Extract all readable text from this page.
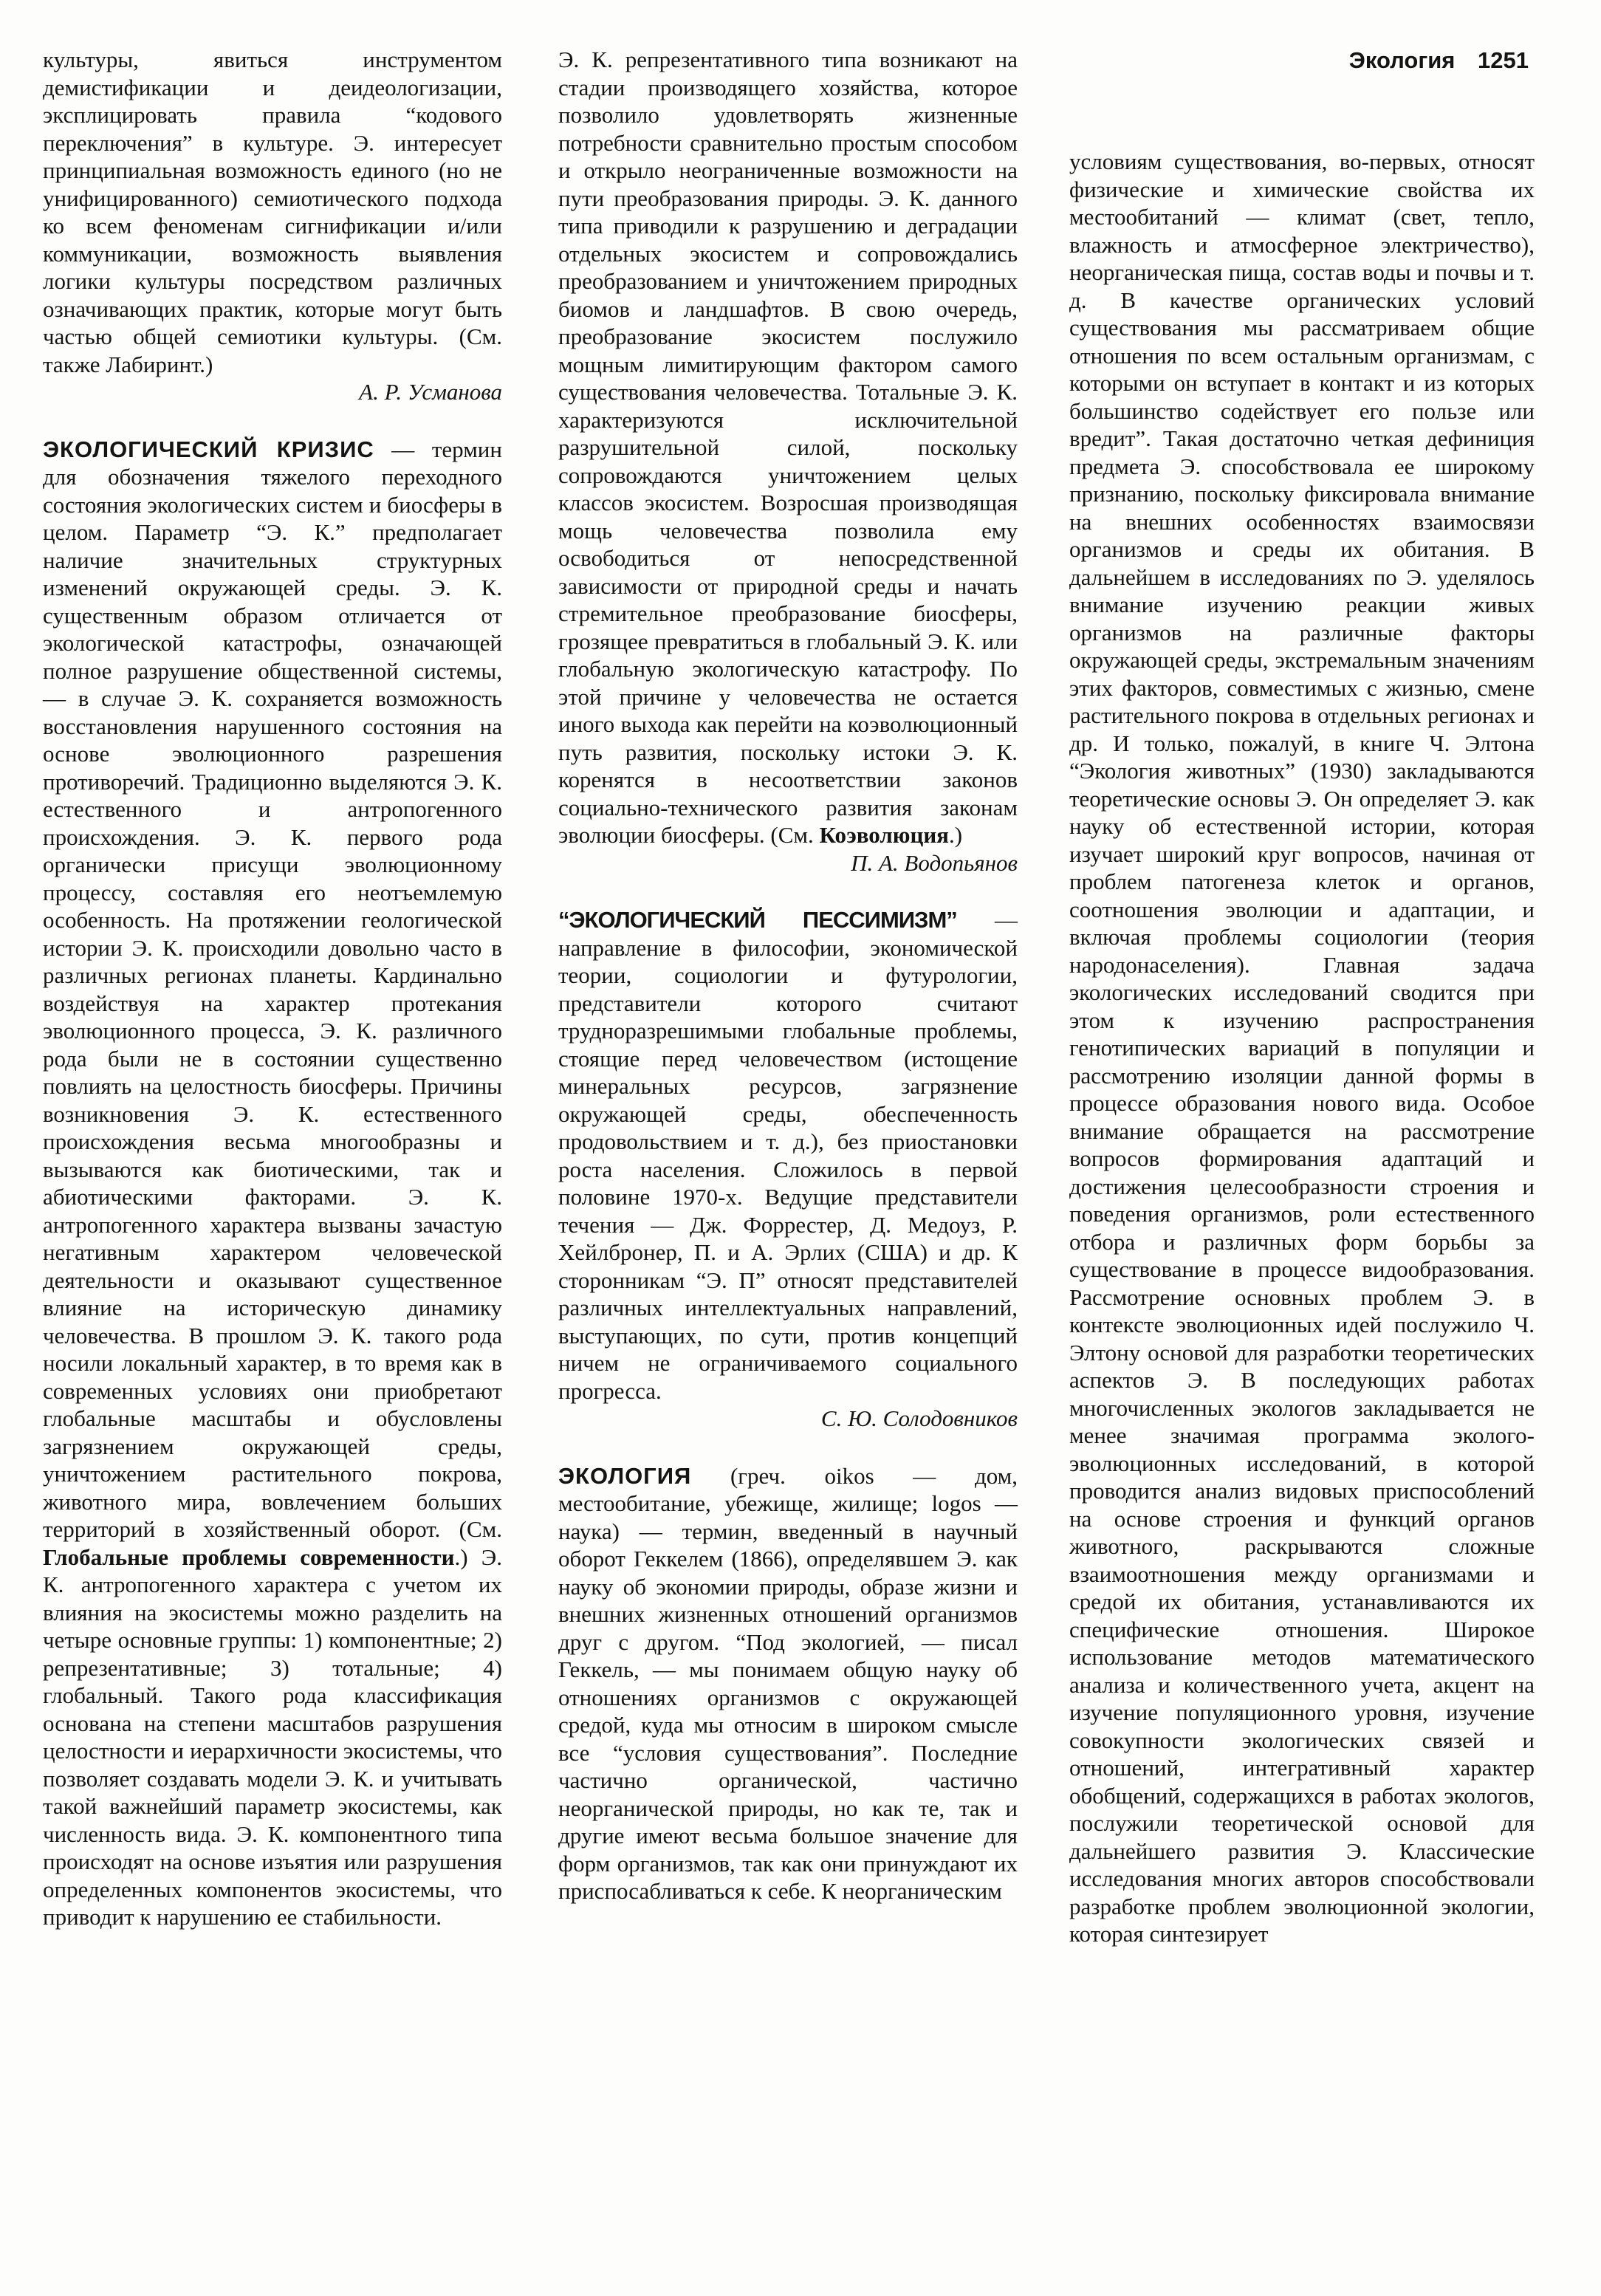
Экология 1251

культуры, явиться инструментом демистификации и деидеологизации, эксплицировать правила “кодового переключения” в культуре. Э. интересует принципиальная возможность единого (но не унифицированного) семиотического подхода ко всем феноменам сигнификации и/или коммуникации, возможность выявления логики культуры посредством различных означивающих практик, которые могут быть частью общей семиотики культуры. (См. также Лабиринт.)

А. Р. Усманова

ЭКОЛОГИЧЕСКИЙ КРИЗИС — термин для обозначения тяжелого переходного состояния экологических систем и биосферы в целом. Параметр “Э. К.” предполагает наличие значительных структурных изменений окружающей среды. Э. К. существенным образом отличается от экологической катастрофы, означающей полное разрушение общественной системы, — в случае Э. К. сохраняется возможность восстановления нарушенного состояния на основе эволюционного разрешения противоречий. Традиционно выделяются Э. К. естественного и антропогенного происхождения. Э. К. первого рода органически присущи эволюционному процессу, составляя его неотъемлемую особенность. На протяжении геологической истории Э. К. происходили довольно часто в различных регионах планеты. Кардинально воздействуя на характер протекания эволюционного процесса, Э. К. различного рода были не в состоянии существенно повлиять на целостность биосферы. Причины возникновения Э. К. естественного происхождения весьма многообразны и вызываются как биотическими, так и абиотическими факторами. Э. К. антропогенного характера вызваны зачастую негативным характером человеческой деятельности и оказывают существенное влияние на историческую динамику человечества. В прошлом Э. К. такого рода носили локальный характер, в то время как в современных условиях они приобретают глобальные масштабы и обусловлены загрязнением окружающей среды, уничтожением растительного покрова, животного мира, вовлечением больших территорий в хозяйственный оборот. (См. Глобальные проблемы современности.) Э. К. антропогенного характера с учетом их влияния на экосистемы можно разделить на четыре основные группы: 1) компонентные; 2) репрезентативные; 3) тотальные; 4) глобальный. Такого рода классификация основана на степени масштабов разрушения целостности и иерархичности экосистемы, что позволяет создавать модели Э. К. и учитывать такой важнейший параметр экосистемы, как численность вида. Э. К. компонентного типа происходят на основе изъятия или разрушения определенных компонентов экосистемы, что приводит к нарушению ее стабильности.

Э. К. репрезентативного типа возникают на стадии производящего хозяйства, которое позволило удовлетворять жизненные потребности сравнительно простым способом и открыло неограниченные возможности на пути преобразования природы. Э. К. данного типа приводили к разрушению и деградации отдельных экосистем и сопровождались преобразованием и уничтожением природных биомов и ландшафтов. В свою очередь, преобразование экосистем послужило мощным лимитирующим фактором самого существования человечества. Тотальные Э. К. характеризуются исключительной разрушительной силой, поскольку сопровождаются уничтожением целых классов экосистем. Возросшая производящая мощь человечества позволила ему освободиться от непосредственной зависимости от природной среды и начать стремительное преобразование биосферы, грозящее превратиться в глобальный Э. К. или глобальную экологическую катастрофу. По этой причине у человечества не остается иного выхода как перейти на коэволюционный путь развития, поскольку истоки Э. К. коренятся в несоответствии законов социально-технического развития законам эволюции биосферы. (См. Коэволюция.)

П. А. Водопьянов

“ЭКОЛОГИЧЕСКИЙ ПЕССИМИЗМ” — направление в философии, экономической теории, социологии и футурологии, представители которого считают трудноразрешимыми глобальные проблемы, стоящие перед человечеством (истощение минеральных ресурсов, загрязнение окружающей среды, обеспеченность продовольствием и т. д.), без приостановки роста населения. Сложилось в первой половине 1970-х. Ведущие представители течения — Дж. Форрестер, Д. Медоуз, Р. Хейлбронер, П. и А. Эрлих (США) и др. К сторонникам “Э. П” относят представителей различных интеллектуальных направлений, выступающих, по сути, против концепций ничем не ограничиваемого социального прогресса.

С. Ю. Солодовников

ЭКОЛОГИЯ (греч. oikos — дом, местообитание, убежище, жилище; logos — наука) — термин, введенный в научный оборот Геккелем (1866), определявшем Э. как науку об экономии природы, образе жизни и внешних жизненных отношений организмов друг с другом. “Под экологией, — писал Геккель, — мы понимаем общую науку об отношениях организмов с окружающей средой, куда мы относим в широком смысле все “условия существования”. Последние частично органической, частично неорганической природы, но как те, так и другие имеют весьма большое значение для форм организмов, так как они принуждают их приспосабливаться к себе. К неорганическим

условиям существования, во-первых, относят физические и химические свойства их местообитаний — климат (свет, тепло, влажность и атмосферное электричество), неорганическая пища, состав воды и почвы и т. д. В качестве органических условий существования мы рассматриваем общие отношения по всем остальным организмам, с которыми он вступает в контакт и из которых большинство содействует его пользе или вредит”. Такая достаточно четкая дефиниция предмета Э. способствовала ее широкому признанию, поскольку фиксировала внимание на внешних особенностях взаимосвязи организмов и среды их обитания. В дальнейшем в исследованиях по Э. уделялось внимание изучению реакции живых организмов на различные факторы окружающей среды, экстремальным значениям этих факторов, совместимых с жизнью, смене растительного покрова в отдельных регионах и др. И только, пожалуй, в книге Ч. Элтона “Экология животных” (1930) закладываются теоретические основы Э. Он определяет Э. как науку об естественной истории, которая изучает широкий круг вопросов, начиная от проблем патогенеза клеток и органов, соотношения эволюции и адаптации, и включая проблемы социологии (теория народонаселения). Главная задача экологических исследований сводится при этом к изучению распространения генотипических вариаций в популяции и рассмотрению изоляции данной формы в процессе образования нового вида. Особое внимание обращается на рассмотрение вопросов формирования адаптаций и достижения целесообразности строения и поведения организмов, роли естественного отбора и различных форм борьбы за существование в процессе видообразования. Рассмотрение основных проблем Э. в контексте эволюционных идей послужило Ч. Элтону основой для разработки теоретических аспектов Э. В последующих работах многочисленных экологов закладывается не менее значимая программа эколого-эволюционных исследований, в которой проводится анализ видовых приспособлений на основе строения и функций органов животного, раскрываются сложные взаимоотношения между организмами и средой их обитания, устанавливаются их специфические отношения. Широкое использование методов математического анализа и количественного учета, акцент на изучение популяционного уровня, изучение совокупности экологических связей и отношений, интегративный характер обобщений, содержащихся в работах экологов, послужили теоретической основой для дальнейшего развития Э. Классические исследования многих авторов способствовали разработке проблем эволюционной экологии, которая синтезирует
